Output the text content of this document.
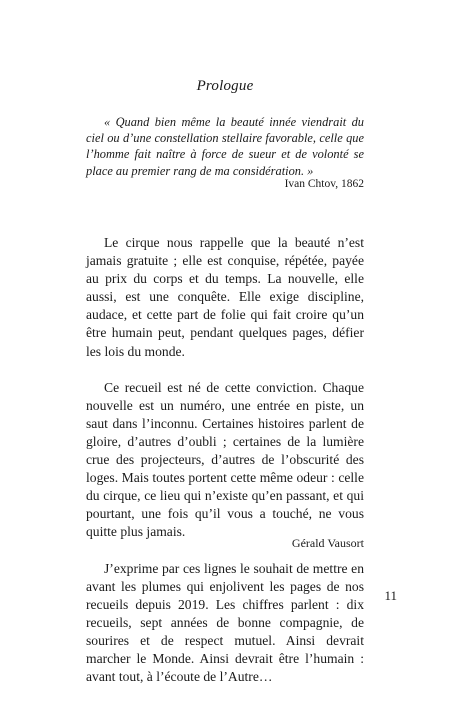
Prologue
« Quand bien même la beauté innée viendrait du ciel ou d’une constellation stellaire favorable, celle que l’homme fait naître à force de sueur et de volonté se place au premier rang de ma considération. »
Ivan Chtov, 1862

Le cirque nous rappelle que la beauté n’est jamais gratuite ; elle est conquise, répétée, payée au prix du corps et du temps. La nouvelle, elle aussi, est une conquête. Elle exige discipline, audace, et cette part de folie qui fait croire qu’un être humain peut, pendant quelques pages, défier les lois du monde.

Ce recueil est né de cette conviction. Chaque nouvelle est un numéro, une entrée en piste, un saut dans l’inconnu. Certaines histoires parlent de gloire, d’autres d’oubli ; certaines de la lumière crue des projecteurs, d’autres de l’obscurité des loges. Mais toutes portent cette même odeur : celle du cirque, ce lieu qui n’existe qu’en passant, et qui pourtant, une fois qu’il vous a touché, ne vous quitte plus jamais.

J’exprime par ces lignes le souhait de mettre en avant les plumes qui enjolivent les pages de nos recueils depuis 2019. Les chiffres parlent : dix recueils, sept années de bonne compagnie, de sourires et de respect mutuel. Ainsi devrait marcher le Monde. Ainsi devrait être l’humain : avant tout, à l’écoute de l’Autre…

Gérald Vausort
11
